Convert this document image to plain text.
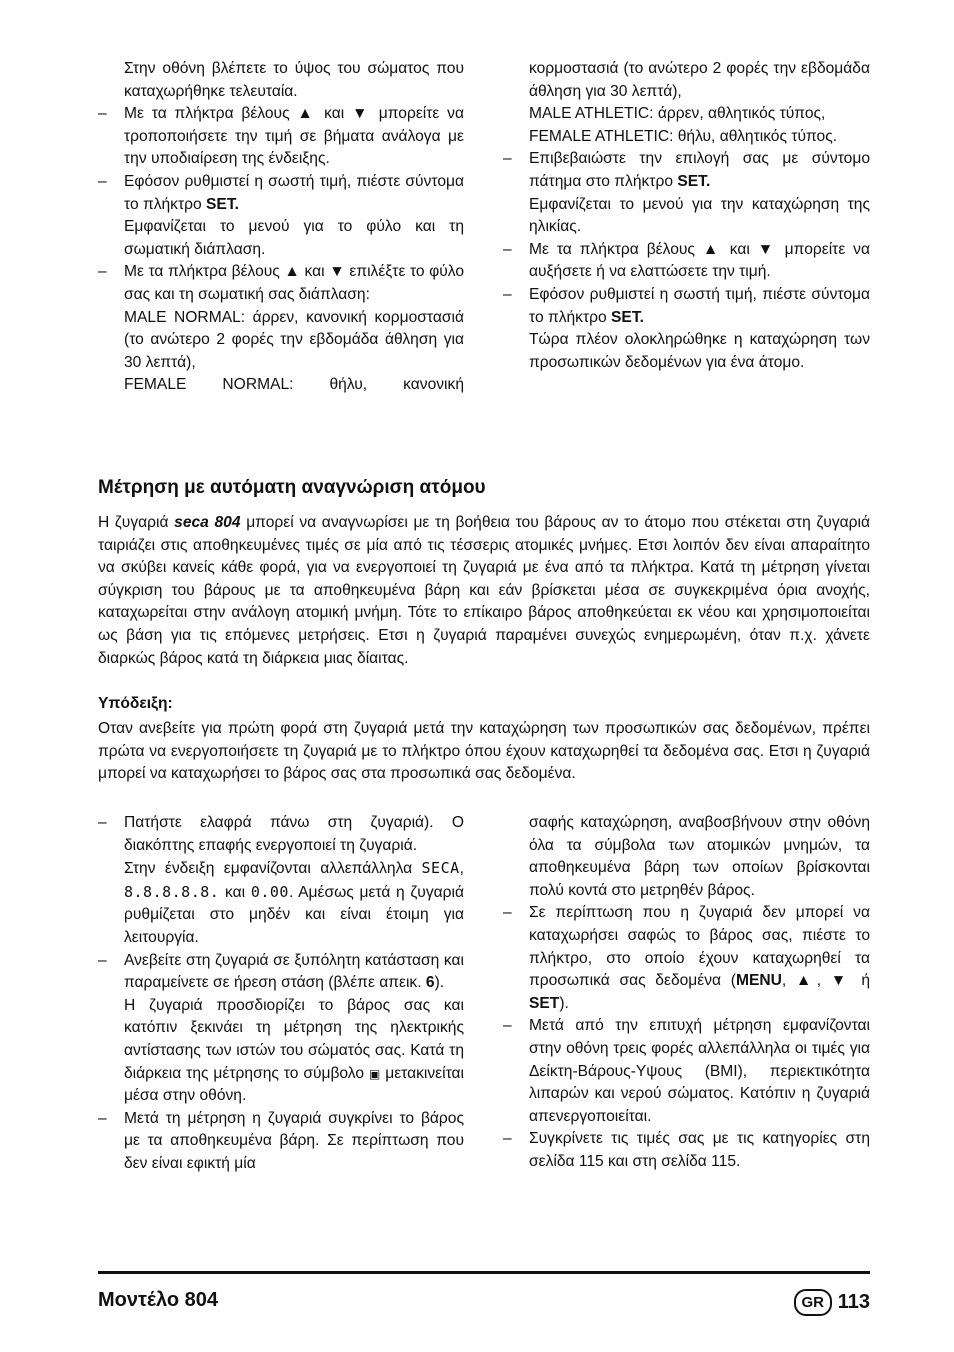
Στην οθόνη βλέπετε το ύψος του σώματος που καταχωρήθηκε τελευταία.

– Με τα πλήκτρα βέλους ▲ και ▼ μπορείτε να τροποποιήσετε την τιμή σε βήματα ανάλογα με την υποδιαίρεση της ένδειξης.

– Εφόσον ρυθμιστεί η σωστή τιμή, πιέστε σύντομα το πλήκτρο SET.

Εμφανίζεται το μενού για το φύλο και τη σωματική διάπλαση.

– Με τα πλήκτρα βέλους ▲ και ▼ επιλέξτε το φύλο σας και τη σωματική σας διάπλαση:

MALE NORMAL: άρρεν, κανονική κορμοστασιά (το ανώτερο 2 φορές την εβδομάδα άθληση για 30 λεπτά),

FEMALE NORMAL: θήλυ, κανονική

κορμοστασιά (το ανώτερο 2 φορές την εβδομάδα άθληση για 30 λεπτά),

MALE ATHLETIC: άρρεν, αθλητικός τύπος,

FEMALE ATHLETIC: θήλυ, αθλητικός τύπος.

– Επιβεβαιώστε την επιλογή σας με σύντομο πάτημα στο πλήκτρο SET.

Εμφανίζεται το μενού για την καταχώρηση της ηλικίας.

– Με τα πλήκτρα βέλους ▲ και ▼ μπορείτε να αυξήσετε ή να ελαττώσετε την τιμή.

– Εφόσον ρυθμιστεί η σωστή τιμή, πιέστε σύντομα το πλήκτρο SET.

Τώρα πλέον ολοκληρώθηκε η καταχώρηση των προσωπικών δεδομένων για ένα άτομο.

Μέτρηση με αυτόματη αναγνώριση ατόμου

Η ζυγαριά seca 804 μπορεί να αναγνωρίσει με τη βοήθεια του βάρους αν το άτομο που στέκεται στη ζυγαριά ταιριάζει στις αποθηκευμένες τιμές σε μία από τις τέσσερις ατομικές μνήμες. Ετσι λοιπόν δεν είναι απαραίτητο να σκύβει κανείς κάθε φορά, για να ενεργοποιεί τη ζυγαριά με ένα από τα πλήκτρα. Κατά τη μέτρηση γίνεται σύγκριση του βάρους με τα αποθηκευμένα βάρη και εάν βρίσκεται μέσα σε συγκεκριμένα όρια ανοχής, καταχωρείται στην ανάλογη ατομική μνήμη. Τότε το επίκαιρο βάρος αποθηκεύεται εκ νέου και χρησιμοποιείται ως βάση για τις επόμενες μετρήσεις. Ετσι η ζυγαριά παραμένει συνεχώς ενημερωμένη, όταν π.χ. χάνετε διαρκώς βάρος κατά τη διάρκεια μιας δίαιτας.

Υπόδειξη:

Οταν ανεβείτε για πρώτη φορά στη ζυγαριά μετά την καταχώρηση των προσωπικών σας δεδομένων, πρέπει πρώτα να ενεργοποιήσετε τη ζυγαριά με το πλήκτρο όπου έχουν καταχωρηθεί τα δεδομένα σας. Ετσι η ζυγαριά μπορεί να καταχωρήσει το βάρος σας στα προσωπικά σας δεδομένα.

– Πατήστε ελαφρά πάνω στη ζυγαριά). Ο διακόπτης επαφής ενεργοποιεί τη ζυγαριά.

Στην ένδειξη εμφανίζονται αλλεπάλληλα SECA, 8.8.8.8.8. και 0.00. Αμέσως μετά η ζυγαριά ρυθμίζεται στο μηδέν και είναι έτοιμη για λειτουργία.

– Ανεβείτε στη ζυγαριά σε ξυπόλητη κατάσταση και παραμείνετε σε ήρεση στάση (βλέπε απεικ. 6).

Η ζυγαριά προσδιορίζει το βάρος σας και κατόπιν ξεκινάει τη μέτρηση της ηλεκτρικής αντίστασης των ιστών του σώματός σας. Κατά τη διάρκεια της μέτρησης το σύμβολο ▣ μετακινείται μέσα στην οθόνη.

– Μετά τη μέτρηση η ζυγαριά συγκρίνει το βάρος με τα αποθηκευμένα βάρη. Σε περίπτωση που δεν είναι εφικτή μία

σαφής καταχώρηση, αναβοσβήνουν στην οθόνη όλα τα σύμβολα των ατομικών μνημών, τα αποθηκευμένα βάρη των οποίων βρίσκονται πολύ κοντά στο μετρηθέν βάρος.

– Σε περίπτωση που η ζυγαριά δεν μπορεί να καταχωρήσει σαφώς το βάρος σας, πιέστε το πλήκτρο, στο οποίο έχουν καταχωρηθεί τα προσωπικά σας δεδομένα (MENU, ▲, ▼ ή SET).

– Μετά από την επιτυχή μέτρηση εμφανίζονται στην οθόνη τρεις φορές αλλεπάλληλα οι τιμές για Δείκτη-Βάρους-Υψους (BMI), περιεκτικότητα λιπαρών και νερού σώματος. Κατόπιν η ζυγαριά απενεργοποιείται.

– Συγκρίνετε τις τιμές σας με τις κατηγορίες στη σελίδα 115 και στη σελίδα 115.

Μοντέλο 804	GR 113
